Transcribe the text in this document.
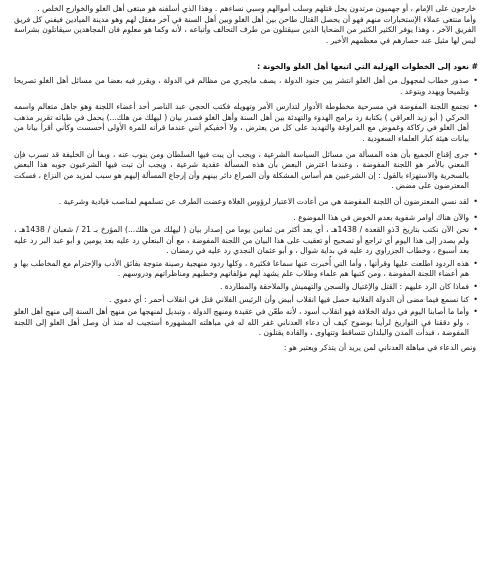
خارجون على الإمام ، أو جهميون مرتدون يحل قتلهم وسلب أموالهم وسبي نساءهم . وهذا الذي أسلفنه هو مبتغى أهل الغلو والخوارج الخلص .

وأما منتغى عملاء الإستخبارات منهم فهو أن يحصل القتال طاحن بين أهل الغلو وبين أهل السنة في آخر معقل لهم وهو مدينة الميادين فيفني كل فريق الفريق الآخر ، وهذا يوفر الكثير الكثير من الضحايا الذين سيقتلون من طرف التحالف وأتباعه ، لأنه وكما هو معلوم فان المجاهدين سيقاتلون بشراسة ليس لها مثيل عند حصارهم في معظمهم الأخير .

# نعود إلى الخطوات الهزلية التي اتبعها أهل الغلو والخونة :

•
صدور خطاب لمجهول من أهل الغلو انتشر بين جنود الدولة ، يصف مايجري من مظالم في الدولة ، ويقرر فيه بعضا من مسائل أهل الغلو تصريحا وتلميحا ويهدد ويتوعد .
•
تجتمع اللجنة المفوضة في مسرحية مخطوطة الأدوار لتدارس الأمر وتهويله فكتب الحجي عبد الناصر أحد أعضاء اللجنة وهو جاهل متعالم واسمه الحركي ( أبو زيد العراقي ) بكتابة رد برامج الهدوء والتهدئة بين أهل السنة وأهل الغلو فصدر بيان ( ليهلك من هلك...) يحمل في طياته تقرير مذهب أهل الغلو في ركاكة وغموض مع المراوغة والتهديد على كل من يعترض ، ولا أخفيكم أنني عندما قرأته للمرة الأولى أحسست وكأني أقرأ بيانا من بيانات هيئة كبار العلماء السعودية .
•
جرى إقناع الجميع بأن هذه المسألة من مسائل السياسة الشرعية ، ويجب أن يبت فيها السلطان ومن ينوب عنه ، وبما أن الخليفة قد تسرب فإن المعني بالأمر هو اللجنة المفوضة ، وعندما اعترض البعض بأن هذه المسألة عقدية شرعية ، ويجب أن تبت فيها الشرعيون جوبه هذا البعض بالسخرية والاستهزاء بالقول : إن الشرعيين هم أساس المشكلة وأن الصراع دائر بينهم وأن إرجاع المسألة إليهم هو سبب لمزيد من النزاع ، فسكت المعترضون على مضض .
•
لقد نسي المعترضون أن اللجنة المفوضة هي من أعادت الاعتبار لرؤوس الغلاة وعضت الطرف عن تسلمهم لمناصب قيادية وشرعية .
•
والآن هناك أوامر شفوية بعدم الخوض في هذا الموضوع .
•
نحن الآن نكتب بتاريخ 3ذو القعدة / 1438هـ ، أي بعد أكثر من ثمانين يوما من إصدار بيان ( ليهلك من هلك...) المؤرخ بـ 21 / شعبان / 1438هـ ، ولم يصدر إلى هذا اليوم أي تراجع أو تصحيح أو تعقيب على هذا البيان من اللجنة المفوضة ، مع أن البنعلي رد عليه بعد يومين و أبو عبد البر رد عليه بعد أسبوع ، وخطاب الجزراوي رد عليه في بداية شوال ، و أبو عثمان النجدي رد عليه في رمضان .
•
هذه الردود اطلعت عليها وقرأتها ، وأما التي أُخبرت عنها سماعا فكثيرة ، وكلها ردود منهجية رصينة متوجة بفائق الأدب والإحترام مع المخاطب بها و هم أعضاء اللجنة المفوضة ، ومن كتبها هم علماء وطلاب علم يشهد لهم مؤلفاتهم وخطبهم ومناظراتهم ودروسهم .
•
فماذا كان الرد عليهم : القتل والإغتيال والسجن والتهميش والملاحقة والمطاردة .
•
كنا نسمع فيما مضى أن الدولة الفلانية حصل فيها انقلاب أبيض وأن الرئيس الفلاني قتل في انقلاب أحمر : أي دموي .
•
وأما ما أصابنا اليوم في دولة الخلافة فهو انقلاب أسود ، لأنه طعّن في عقيدة ومنهج الدولة ، وتبديل لمنهجها من منهج أهل السنة إلى منهج أهل الغلو ، ولو دققنا في التواريخ لرأينا بوضوح كيف أن دعاء العدناني غفر الله له في مباهلته المشهورة أستجيب له منذ أن وصل أهل الغلو إلى اللجنة المفوضة ، فبدأت المدن والبلدان تتساقط وتتهاوى ، والقادة يقتلون .

ونص الدعاء في مباهلة العدناني لمن يريد أن يتذكر ويعتبر هو :
